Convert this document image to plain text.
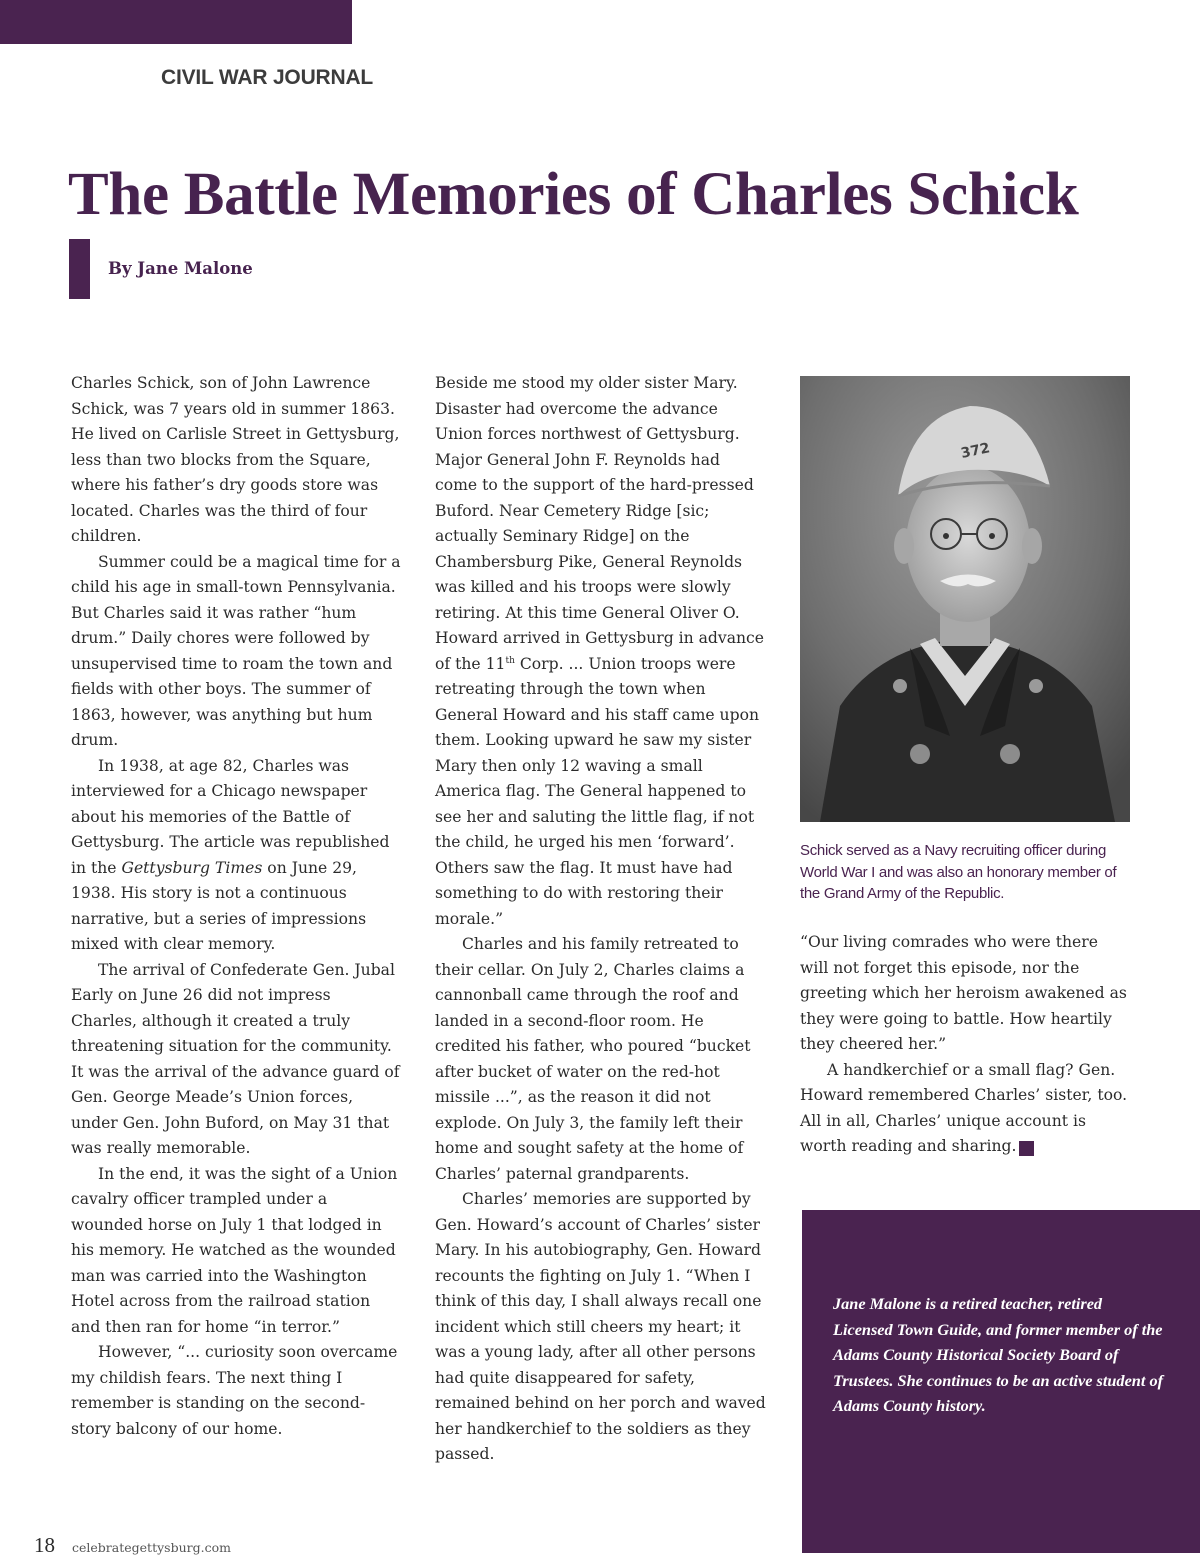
CIVIL WAR JOURNAL
The Battle Memories of Charles Schick
By Jane Malone

Charles Schick, son of John Lawrence Schick, was 7 years old in summer 1863. He lived on Carlisle Street in Gettysburg, less than two blocks from the Square, where his father’s dry goods store was located. Charles was the third of four children.

Summer could be a magical time for a child his age in small-town Pennsylvania. But Charles said it was rather “hum drum.” Daily chores were followed by unsupervised time to roam the town and fields with other boys. The summer of 1863, however, was anything but hum drum.

In 1938, at age 82, Charles was interviewed for a Chicago newspaper about his memories of the Battle of Gettysburg. The article was republished in the Gettysburg Times on June 29, 1938. His story is not a continuous narrative, but a series of impressions mixed with clear memory.

The arrival of Confederate Gen. Jubal Early on June 26 did not impress Charles, although it created a truly threatening situation for the community. It was the arrival of the advance guard of Gen. George Meade’s Union forces, under Gen. John Buford, on May 31 that was really memorable.

In the end, it was the sight of a Union cavalry officer trampled under a wounded horse on July 1 that lodged in his memory. He watched as the wounded man was carried into the Washington Hotel across from the railroad station and then ran for home “in terror.”

However, “... curiosity soon overcame my childish fears. The next thing I remember is standing on the second- story balcony of our home.

Beside me stood my older sister Mary. Disaster had overcome the advance Union forces northwest of Gettysburg. Major General John F. Reynolds had come to the support of the hard-pressed Buford. Near Cemetery Ridge [sic; actually Seminary Ridge] on the Chambersburg Pike, General Reynolds was killed and his troops were slowly retiring. At this time General Oliver O. Howard arrived in Gettysburg in advance of the 11th Corp. ... Union troops were retreating through the town when General Howard and his staff came upon them. Looking upward he saw my sister Mary then only 12 waving a small America flag. The General happened to see her and saluting the little flag, if not the child, he urged his men ‘forward’. Others saw the flag. It must have had something to do with restoring their morale.”

Charles and his family retreated to their cellar. On July 2, Charles claims a cannonball came through the roof and landed in a second-floor room. He credited his father, who poured “bucket after bucket of water on the red-hot missile ...”, as the reason it did not explode. On July 3, the family left their home and sought safety at the home of Charles’ paternal grandparents.

Charles’ memories are supported by Gen. Howard’s account of Charles’ sister Mary. In his autobiography, Gen. Howard recounts the fighting on July 1. “When I think of this day, I shall always recall one incident which still cheers my heart; it was a young lady, after all other persons had quite disappeared for safety, remained behind on her porch and waved her handkerchief to the soldiers as they passed.

372
Schick served as a Navy recruiting officer during World War I and was also an honorary member of the Grand Army of the Republic.

“Our living comrades who were there will not forget this episode, nor the greeting which her heroism awakened as they were going to battle. How heartily they cheered her.”

A handkerchief or a small flag? Gen. Howard remembered Charles’ sister, too. All in all, Charles’ unique account is worth reading and sharing.	G

Jane Malone is a retired teacher, retired Licensed Town Guide, and former member of the Adams County Historical Society Board of Trustees. She continues to be an active student of Adams County history.

18 celebrategettysburg.com
